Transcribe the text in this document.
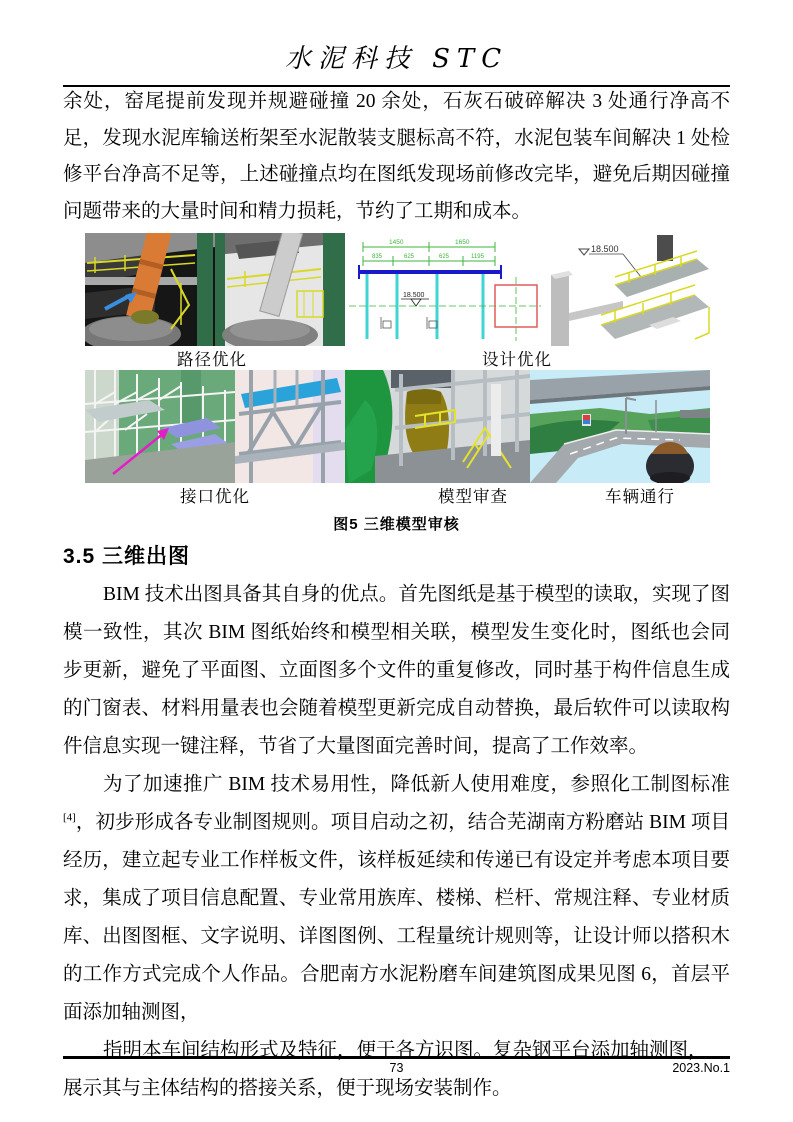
水泥科技 STC

余处，窑尾提前发现并规避碰撞 20 余处，石灰石破碎解决 3 处通行净高不足，发现水泥库输送桁架至水泥散装支腿标高不符，水泥包装车间解决 1 处检修平台净高不足等，上述碰撞点均在图纸发现场前修改完毕，避免后期因碰撞问题带来的大量时间和精力损耗，节约了工期和成本。

1450	1650
835	625	625	1195
18.500
18.500
路径优化	设计优化
接口优化	模型审查	车辆通行
图5 三维模型审核
3.5 三维出图

BIM 技术出图具备其自身的优点。首先图纸是基于模型的读取，实现了图模一致性，其次 BIM 图纸始终和模型相关联，模型发生变化时，图纸也会同步更新，避免了平面图、立面图多个文件的重复修改，同时基于构件信息生成的门窗表、材料用量表也会随着模型更新完成自动替换，最后软件可以读取构件信息实现一键注释，节省了大量图面完善时间，提高了工作效率。

为了加速推广 BIM 技术易用性，降低新人使用难度，参照化工制图标准[4]，初步形成各专业制图规则。项目启动之初，结合芜湖南方粉磨站 BIM 项目经历，建立起专业工作样板文件，该样板延续和传递已有设定并考虑本项目要求，集成了项目信息配置、专业常用族库、楼梯、栏杆、常规注释、专业材质库、出图图框、文字说明、详图图例、工程量统计规则等，让设计师以搭积木的工作方式完成个人作品。合肥南方水泥粉磨车间建筑图成果见图 6，首层平面添加轴测图，

指明本车间结构形式及特征，便于各方识图。复杂钢平台添加轴测图，

展示其与主体结构的搭接关系，便于现场安装制作。

73	2023.No.1
